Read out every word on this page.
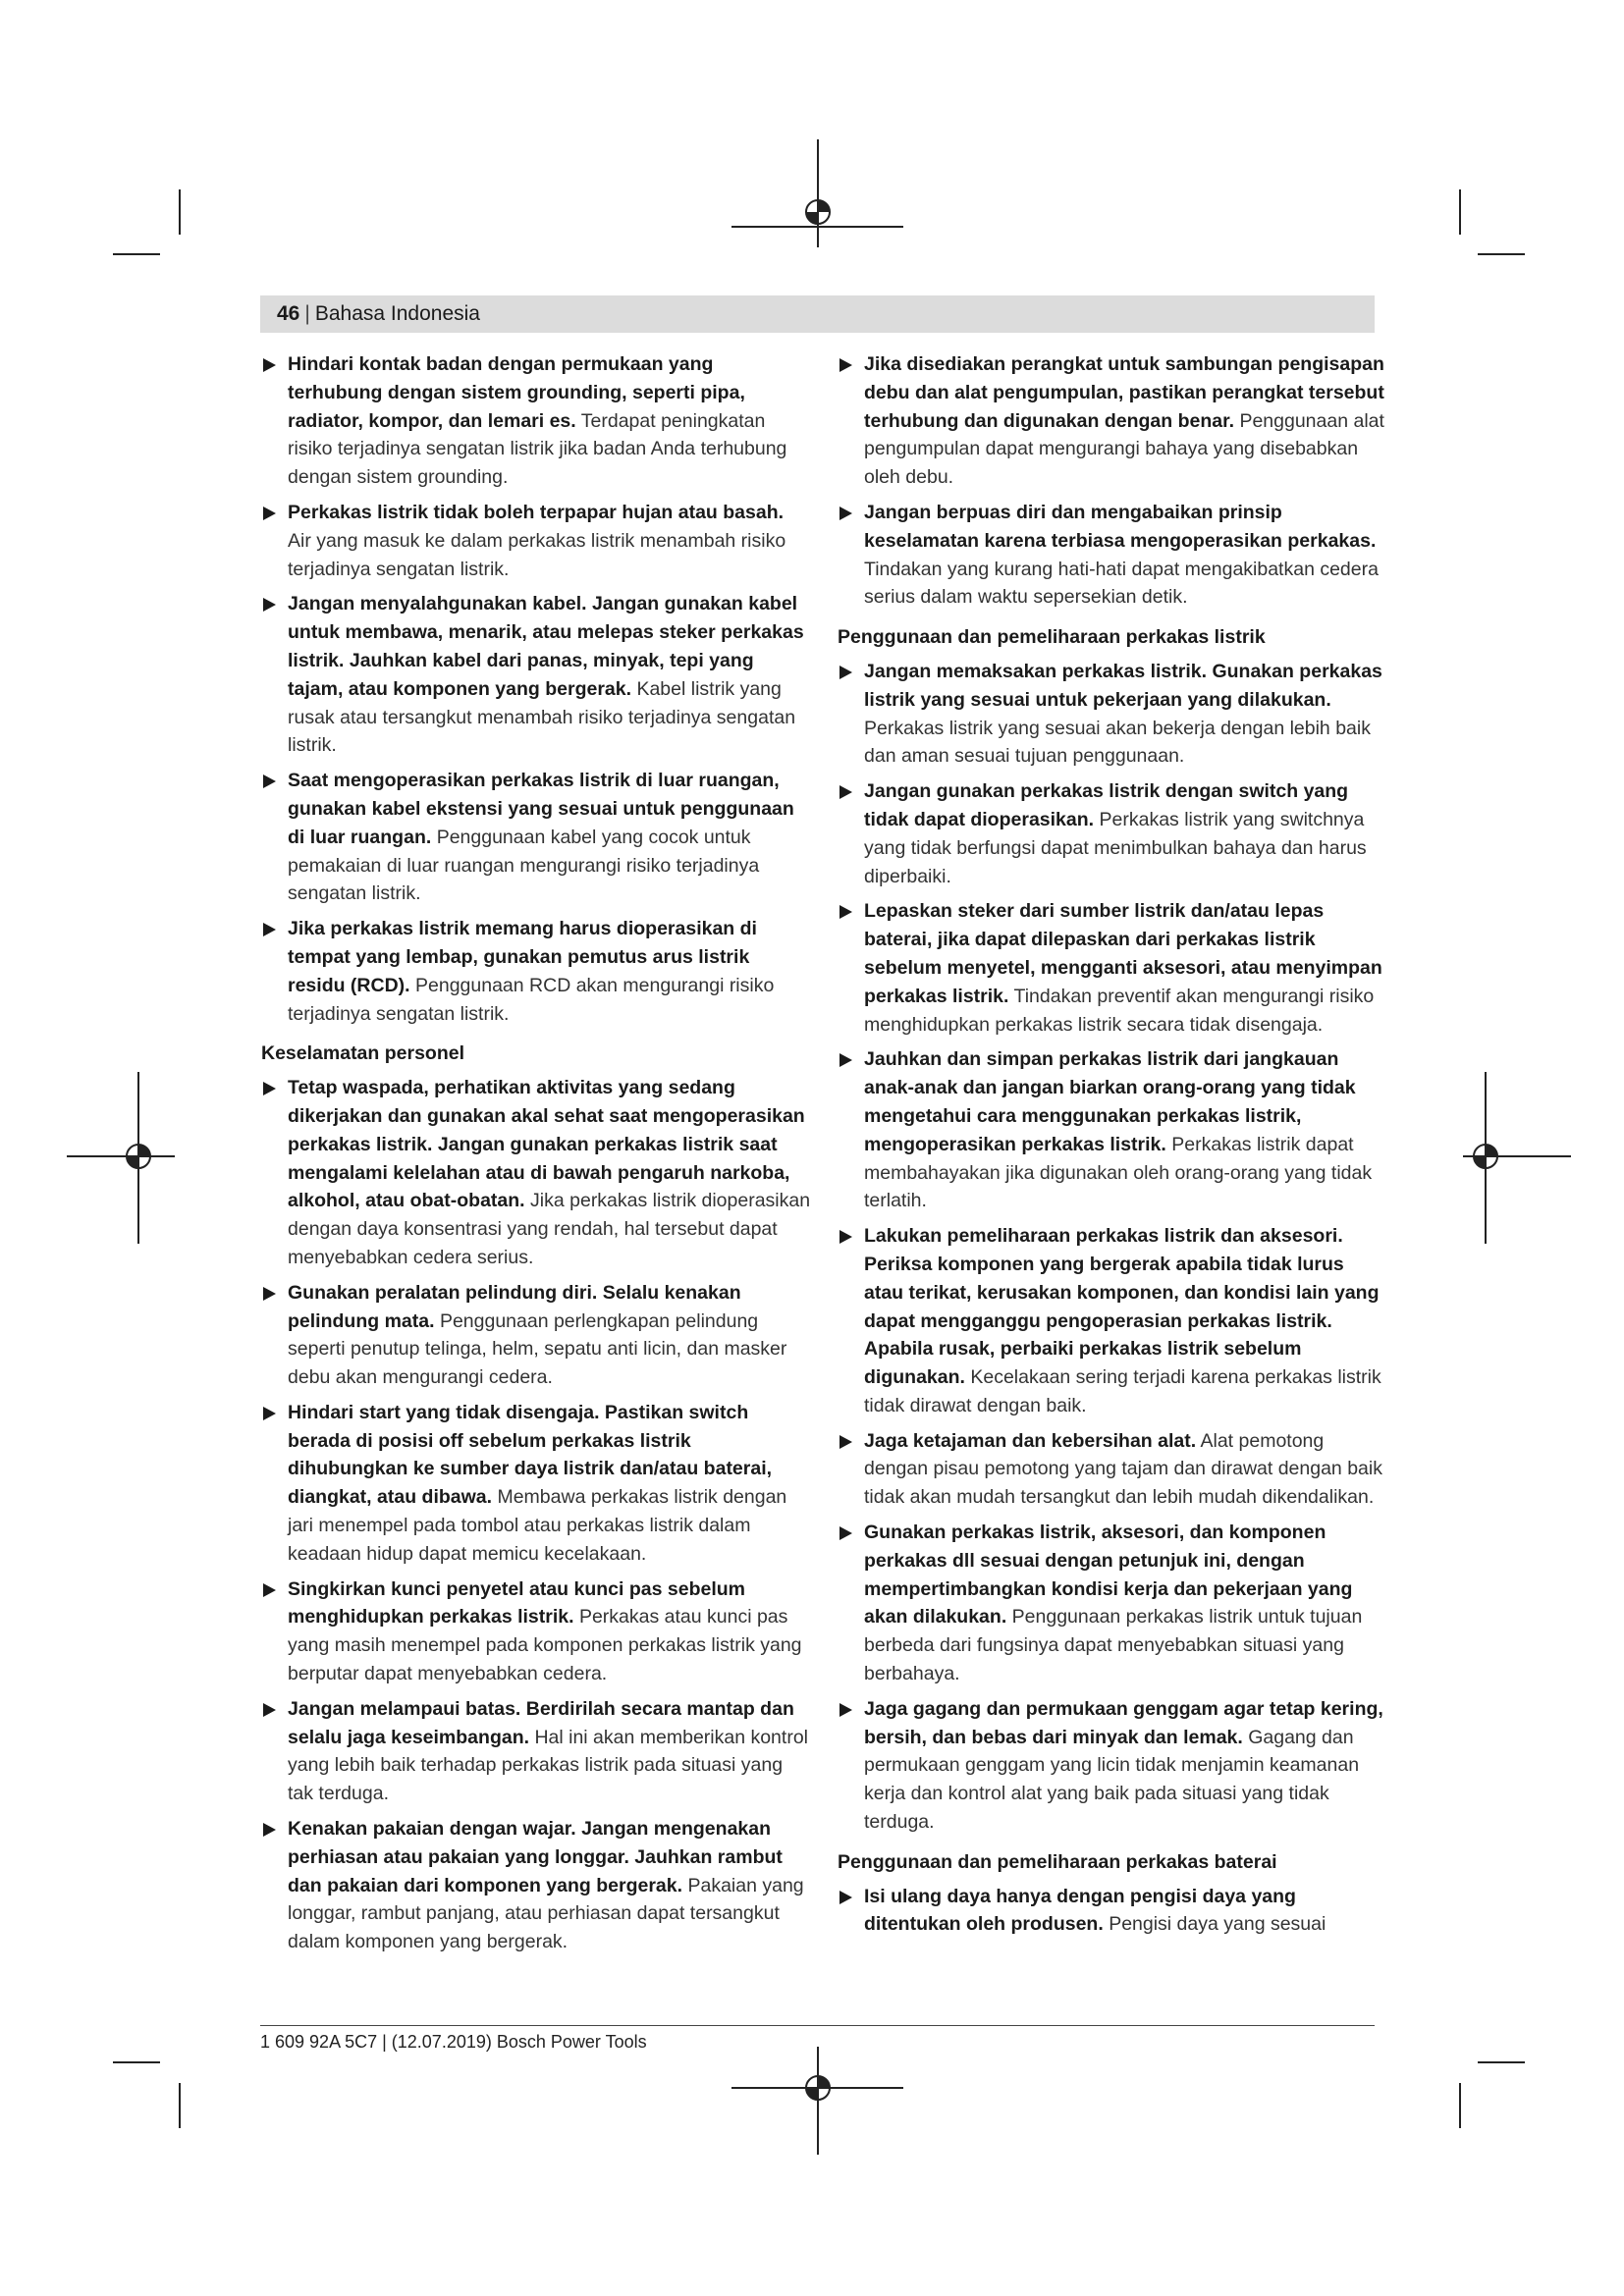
46 | Bahasa Indonesia
Hindari kontak badan dengan permukaan yang terhubung dengan sistem grounding, seperti pipa, radiator, kompor, dan lemari es. Terdapat peningkatan risiko terjadinya sengatan listrik jika badan Anda terhubung dengan sistem grounding.
Perkakas listrik tidak boleh terpapar hujan atau basah. Air yang masuk ke dalam perkakas listrik menambah risiko terjadinya sengatan listrik.
Jangan menyalahgunakan kabel. Jangan gunakan kabel untuk membawa, menarik, atau melepas steker perkakas listrik. Jauhkan kabel dari panas, minyak, tepi yang tajam, atau komponen yang bergerak. Kabel listrik yang rusak atau tersangkut menambah risiko terjadinya sengatan listrik.
Saat mengoperasikan perkakas listrik di luar ruangan, gunakan kabel ekstensi yang sesuai untuk penggunaan di luar ruangan. Penggunaan kabel yang cocok untuk pemakaian di luar ruangan mengurangi risiko terjadinya sengatan listrik.
Jika perkakas listrik memang harus dioperasikan di tempat yang lembap, gunakan pemutus arus listrik residu (RCD). Penggunaan RCD akan mengurangi risiko terjadinya sengatan listrik.
Keselamatan personel
Tetap waspada, perhatikan aktivitas yang sedang dikerjakan dan gunakan akal sehat saat mengoperasikan perkakas listrik. Jangan gunakan perkakas listrik saat mengalami kelelahan atau di bawah pengaruh narkoba, alkohol, atau obat-obatan. Jika perkakas listrik dioperasikan dengan daya konsentrasi yang rendah, hal tersebut dapat menyebabkan cedera serius.
Gunakan peralatan pelindung diri. Selalu kenakan pelindung mata. Penggunaan perlengkapan pelindung seperti penutup telinga, helm, sepatu anti licin, dan masker debu akan mengurangi cedera.
Hindari start yang tidak disengaja. Pastikan switch berada di posisi off sebelum perkakas listrik dihubungkan ke sumber daya listrik dan/atau baterai, diangkat, atau dibawa. Membawa perkakas listrik dengan jari menempel pada tombol atau perkakas listrik dalam keadaan hidup dapat memicu kecelakaan.
Singkirkan kunci penyetel atau kunci pas sebelum menghidupkan perkakas listrik. Perkakas atau kunci pas yang masih menempel pada komponen perkakas listrik yang berputar dapat menyebabkan cedera.
Jangan melampaui batas. Berdirilah secara mantap dan selalu jaga keseimbangan. Hal ini akan memberikan kontrol yang lebih baik terhadap perkakas listrik pada situasi yang tak terduga.
Kenakan pakaian dengan wajar. Jangan mengenakan perhiasan atau pakaian yang longgar. Jauhkan rambut dan pakaian dari komponen yang bergerak. Pakaian yang longgar, rambut panjang, atau perhiasan dapat tersangkut dalam komponen yang bergerak.
Jika disediakan perangkat untuk sambungan pengisapan debu dan alat pengumpulan, pastikan perangkat tersebut terhubung dan digunakan dengan benar. Penggunaan alat pengumpulan dapat mengurangi bahaya yang disebabkan oleh debu.
Jangan berpuas diri dan mengabaikan prinsip keselamatan karena terbiasa mengoperasikan perkakas. Tindakan yang kurang hati-hati dapat mengakibatkan cedera serius dalam waktu sepersekian detik.
Penggunaan dan pemeliharaan perkakas listrik
Jangan memaksakan perkakas listrik. Gunakan perkakas listrik yang sesuai untuk pekerjaan yang dilakukan. Perkakas listrik yang sesuai akan bekerja dengan lebih baik dan aman sesuai tujuan penggunaan.
Jangan gunakan perkakas listrik dengan switch yang tidak dapat dioperasikan. Perkakas listrik yang switchnya yang tidak berfungsi dapat menimbulkan bahaya dan harus diperbaiki.
Lepaskan steker dari sumber listrik dan/atau lepas baterai, jika dapat dilepaskan dari perkakas listrik sebelum menyetel, mengganti aksesori, atau menyimpan perkakas listrik. Tindakan preventif akan mengurangi risiko menghidupkan perkakas listrik secara tidak disengaja.
Jauhkan dan simpan perkakas listrik dari jangkauan anak-anak dan jangan biarkan orang-orang yang tidak mengetahui cara menggunakan perkakas listrik, mengoperasikan perkakas listrik. Perkakas listrik dapat membahayakan jika digunakan oleh orang-orang yang tidak terlatih.
Lakukan pemeliharaan perkakas listrik dan aksesori. Periksa komponen yang bergerak apabila tidak lurus atau terikat, kerusakan komponen, dan kondisi lain yang dapat mengganggu pengoperasian perkakas listrik. Apabila rusak, perbaiki perkakas listrik sebelum digunakan. Kecelakaan sering terjadi karena perkakas listrik tidak dirawat dengan baik.
Jaga ketajaman dan kebersihan alat. Alat pemotong dengan pisau pemotong yang tajam dan dirawat dengan baik tidak akan mudah tersangkut dan lebih mudah dikendalikan.
Gunakan perkakas listrik, aksesori, dan komponen perkakas dll sesuai dengan petunjuk ini, dengan mempertimbangkan kondisi kerja dan pekerjaan yang akan dilakukan. Penggunaan perkakas listrik untuk tujuan berbeda dari fungsinya dapat menyebabkan situasi yang berbahaya.
Jaga gagang dan permukaan genggam agar tetap kering, bersih, dan bebas dari minyak dan lemak. Gagang dan permukaan genggam yang licin tidak menjamin keamanan kerja dan kontrol alat yang baik pada situasi yang tidak terduga.
Penggunaan dan pemeliharaan perkakas baterai
Isi ulang daya hanya dengan pengisi daya yang ditentukan oleh produsen. Pengisi daya yang sesuai
1 609 92A 5C7 | (12.07.2019) Bosch Power Tools
